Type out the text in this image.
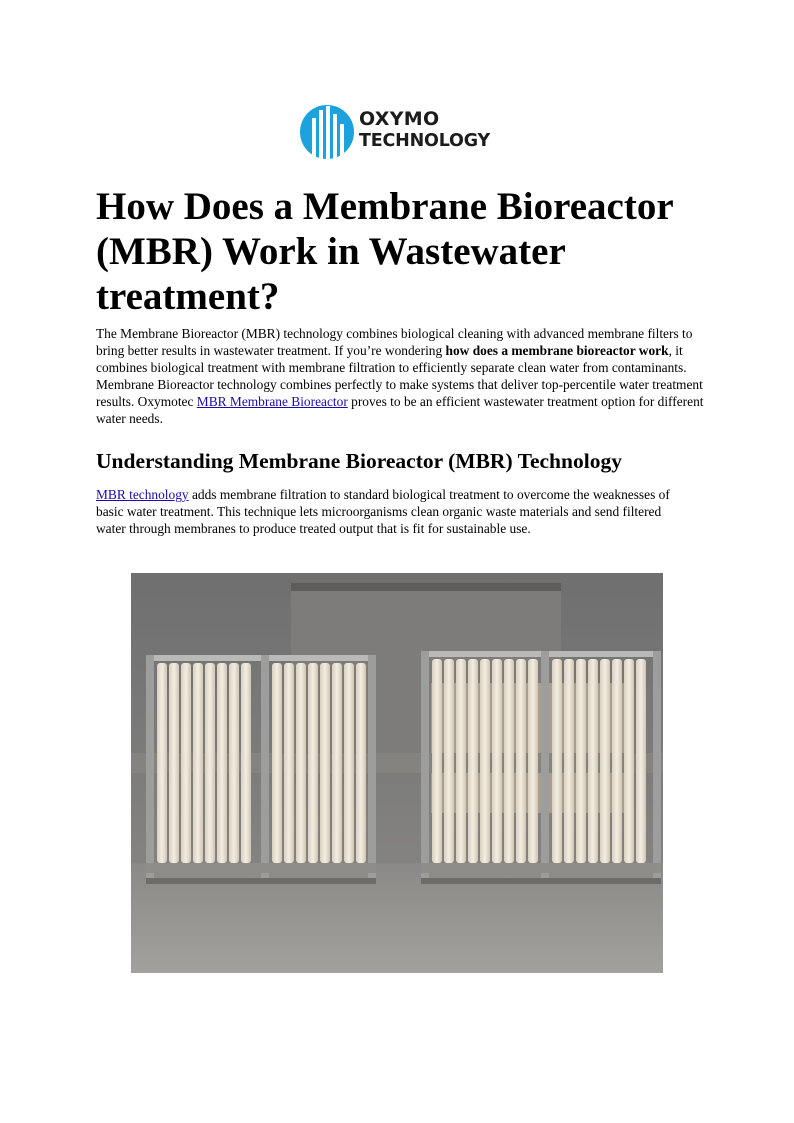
OXYMO
TECHNOLOGY
How Does a Membrane Bioreactor (MBR) Work in Wastewater treatment?

The Membrane Bioreactor (MBR) technology combines biological cleaning with advanced membrane filters to bring better results in wastewater treatment. If you’re wondering how does a membrane bioreactor work, it combines biological treatment with membrane filtration to efficiently separate clean water from contaminants. Membrane Bioreactor technology combines perfectly to make systems that deliver top-percentile water treatment results. Oxymotec MBR Membrane Bioreactor proves to be an efficient wastewater treatment option for different water needs.

Understanding Membrane Bioreactor (MBR) Technology

MBR technology adds membrane filtration to standard biological treatment to overcome the weaknesses of basic water treatment. This technique lets microorganisms clean organic waste materials and send filtered water through membranes to produce treated output that is fit for sustainable use.
